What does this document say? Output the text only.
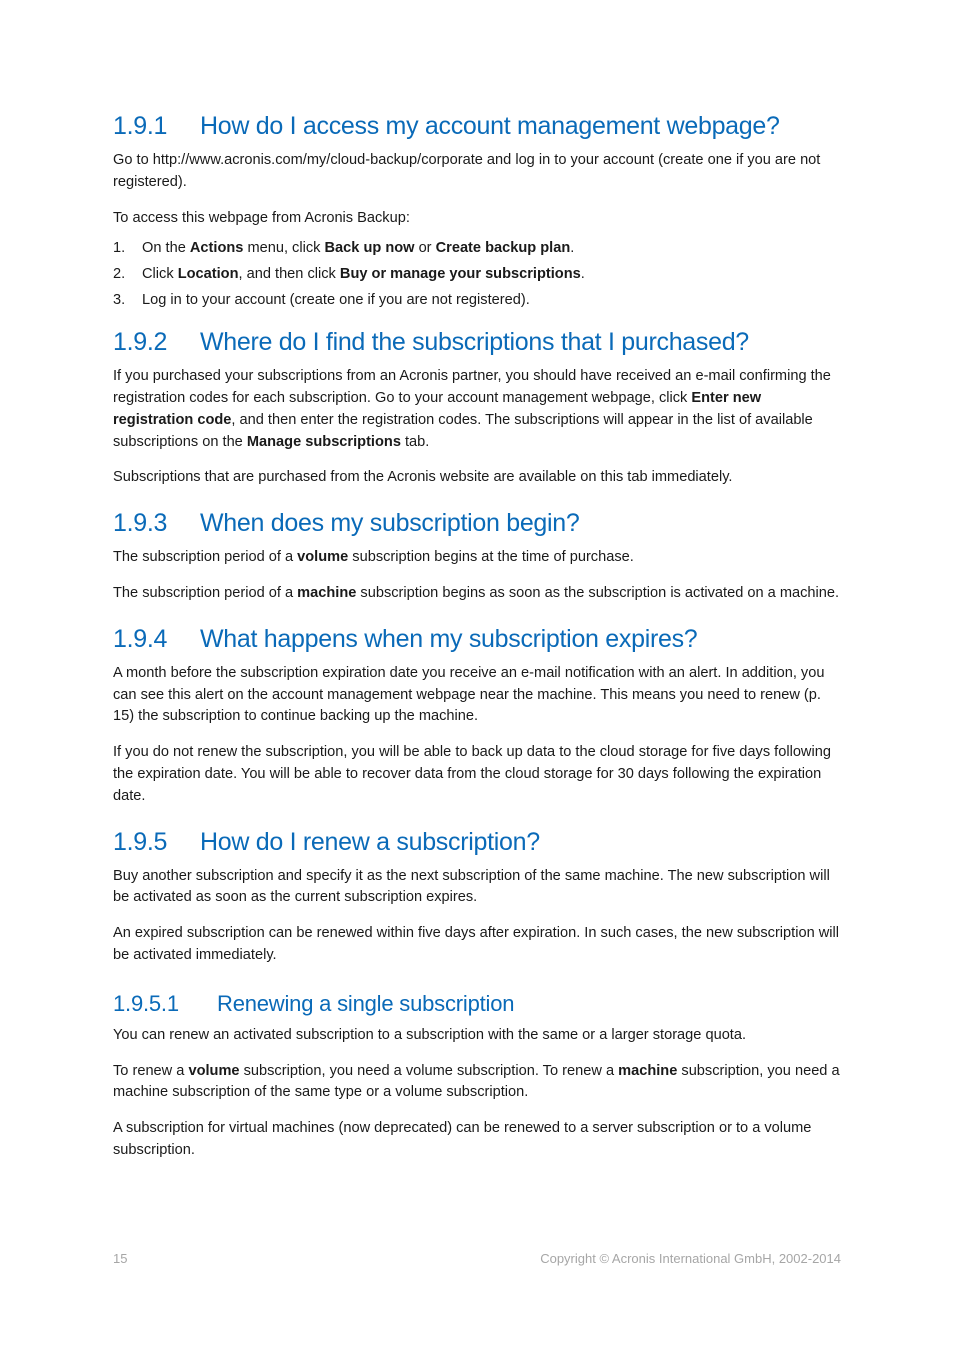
1.9.1 How do I access my account management webpage?

Go to http://www.acronis.com/my/cloud-backup/corporate and log in to your account (create one if you are not registered).

To access this webpage from Acronis Backup:

1.	On the Actions menu, click Back up now or Create backup plan.
2.	Click Location, and then click Buy or manage your subscriptions.
3.	Log in to your account (create one if you are not registered).
1.9.2 Where do I find the subscriptions that I purchased?

If you purchased your subscriptions from an Acronis partner, you should have received an e-mail confirming the registration codes for each subscription. Go to your account management webpage, click Enter new registration code, and then enter the registration codes. The subscriptions will appear in the list of available subscriptions on the Manage subscriptions tab.

Subscriptions that are purchased from the Acronis website are available on this tab immediately.

1.9.3 When does my subscription begin?

The subscription period of a volume subscription begins at the time of purchase.

The subscription period of a machine subscription begins as soon as the subscription is activated on a machine.

1.9.4 What happens when my subscription expires?

A month before the subscription expiration date you receive an e-mail notification with an alert. In addition, you can see this alert on the account management webpage near the machine. This means you need to renew (p. 15) the subscription to continue backing up the machine.

If you do not renew the subscription, you will be able to back up data to the cloud storage for five days following the expiration date. You will be able to recover data from the cloud storage for 30 days following the expiration date.

1.9.5 How do I renew a subscription?

Buy another subscription and specify it as the next subscription of the same machine. The new subscription will be activated as soon as the current subscription expires.

An expired subscription can be renewed within five days after expiration. In such cases, the new subscription will be activated immediately.

1.9.5.1 Renewing a single subscription

You can renew an activated subscription to a subscription with the same or a larger storage quota.

To renew a volume subscription, you need a volume subscription. To renew a machine subscription, you need a machine subscription of the same type or a volume subscription.

A subscription for virtual machines (now deprecated) can be renewed to a server subscription or to a volume subscription.

15	Copyright © Acronis International GmbH, 2002-2014
